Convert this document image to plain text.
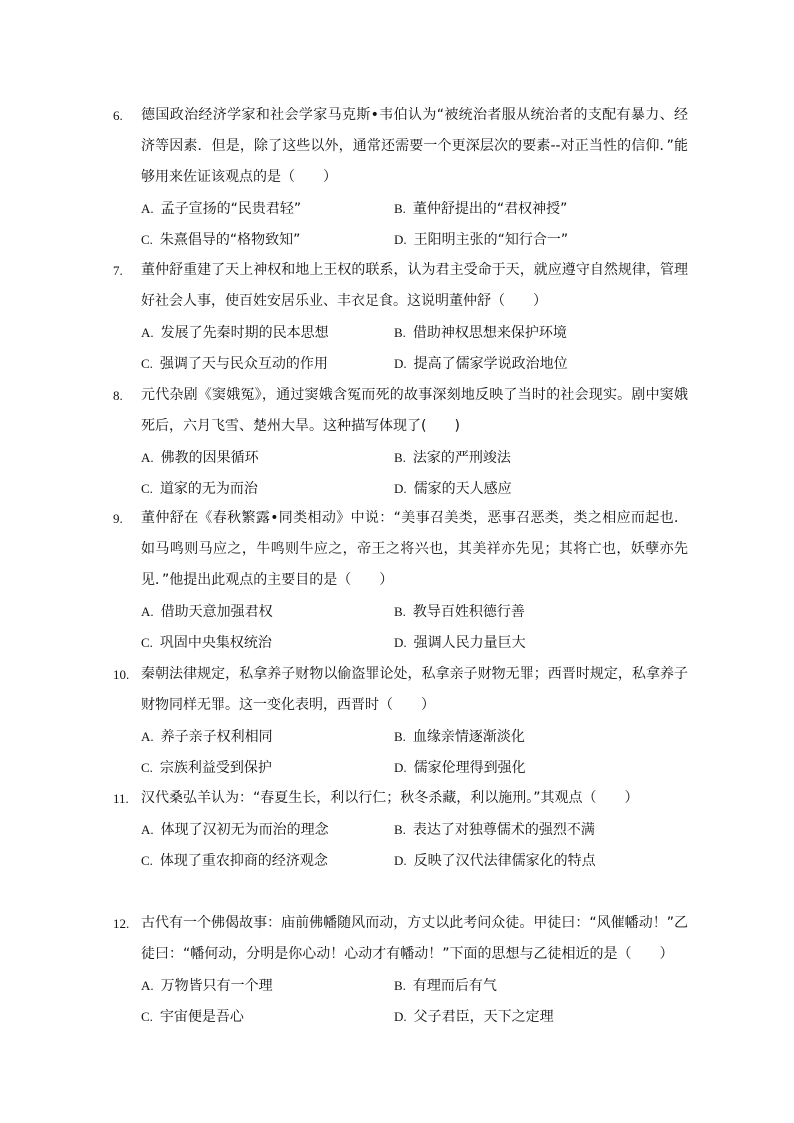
6. 德国政治经济学家和社会学家马克斯•韦伯认为“被统治者服从统治者的支配有暴力、经济等因素．但是，除了这些以外，通常还需要一个更深层次的要素--对正当性的信仰．”能够用来佐证该观点的是（　　）
A. 孟子宣扬的“民贵君轻”	B. 董仲舒提出的“君权神授”
C. 朱熹倡导的“格物致知”	D. 王阳明主张的“知行合一”
7. 董仲舒重建了天上神权和地上王权的联系，认为君主受命于天，就应遵守自然规律，管理好社会人事，使百姓安居乐业、丰衣足食。这说明董仲舒（　　）
A. 发展了先秦时期的民本思想	B. 借助神权思想来保护环境
C. 强调了天与民众互动的作用	D. 提高了儒家学说政治地位
8. 元代杂剧《窦娥冤》，通过窦娥含冤而死的故事深刻地反映了当时的社会现实。剧中窦娥死后，六月飞雪、楚州大旱。这种描写体现了(　　)
A. 佛教的因果循环	B. 法家的严刑竣法
C. 道家的无为而治	D. 儒家的天人感应
9. 董仲舒在《春秋繁露•同类相动》中说：“美事召美类，恶事召恶类，类之相应而起也．如马鸣则马应之，牛鸣则牛应之，帝王之将兴也，其美祥亦先见；其将亡也，妖孽亦先见．”他提出此观点的主要目的是（　　）
A. 借助天意加强君权	B. 教导百姓积德行善
C. 巩固中央集权统治	D. 强调人民力量巨大
10. 秦朝法律规定，私拿养子财物以偷盗罪论处，私拿亲子财物无罪；西晋时规定，私拿养子财物同样无罪。这一变化表明，西晋时（　　）
A. 养子亲子权利相同	B. 血缘亲情逐渐淡化
C. 宗族利益受到保护	D. 儒家伦理得到强化
11. 汉代桑弘羊认为：“春夏生长，利以行仁；秋冬杀藏，利以施刑。”其观点（　　）
A. 体现了汉初无为而治的理念	B. 表达了对独尊儒术的强烈不满
C. 体现了重农抑商的经济观念	D. 反映了汉代法律儒家化的特点
12. 古代有一个佛偈故事：庙前佛幡随风而动，方丈以此考问众徒。甲徒曰：“风催幡动！”乙徒曰：“幡何动，分明是你心动！心动才有幡动！”下面的思想与乙徒相近的是（　　）
A. 万物皆只有一个理	B. 有理而后有气
C. 宇宙便是吾心	D. 父子君臣，天下之定理
